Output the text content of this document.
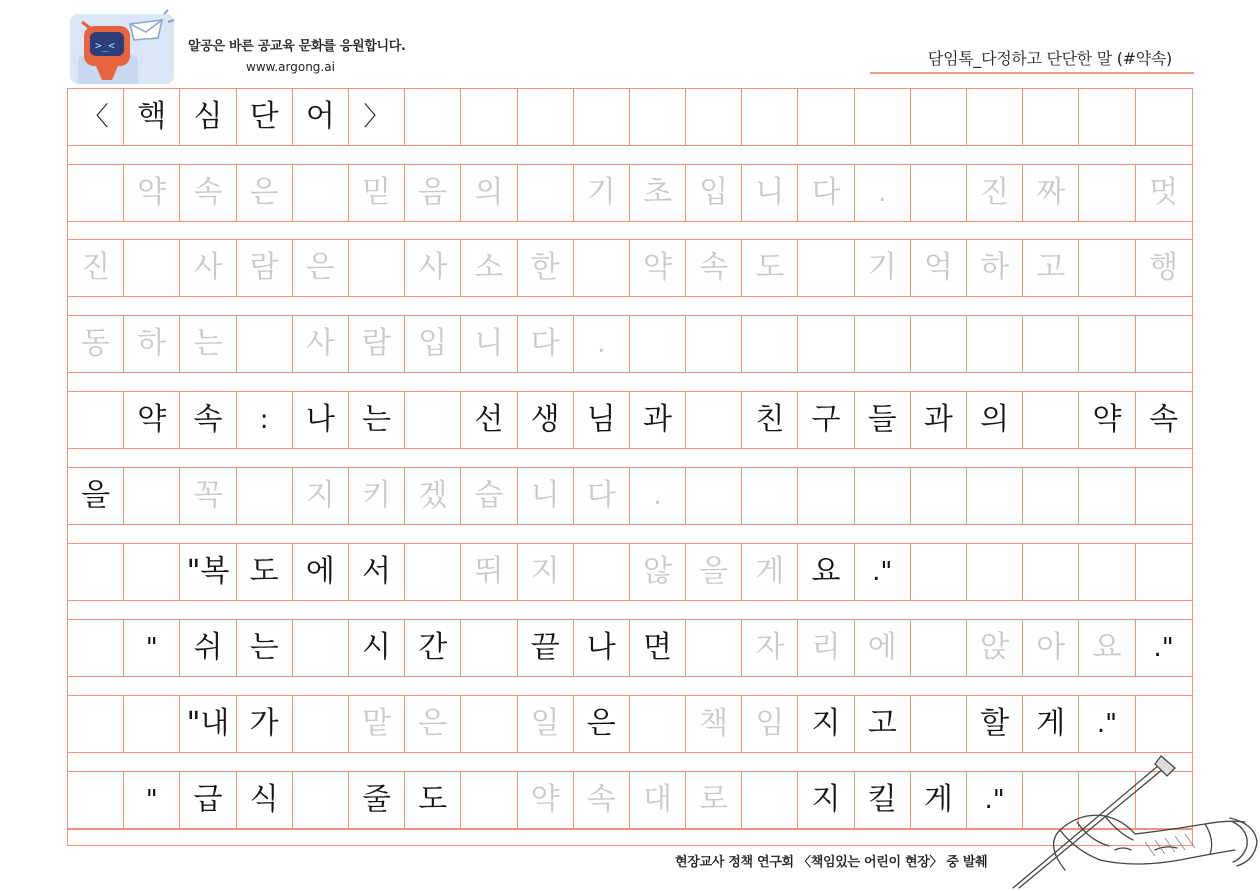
>_<	알공은 바른 공교육 문화를 응원합니다.
www.argong.ai	담임톡_다정하고 단단한 말 (#약속)
〈 핵 심 단 어	〉
약 속 은	믿 음 의	기 초 입 니 다	.	진 짜	멋
진	사 람 은	사 소 한	약 속 도	기 억 하 고	행
동 하 는	사 람 입 니 다	.
약 속	:	나 는	선 생 님 과	친 구 들 과 의	약 속
을	꼭	지 키 겠 습 니 다	.
"복 도 에 서	뛰 지	않 을 게 요	."
"	쉬 는	시 간	끝 나 면	자 리 에	앉 아 요	."
"내 가	맡 은	일 은	책 임 지 고	할 게	."
"	급 식	줄 도	약 속 대 로	지 킬 게	."
현장교사 정책 연구회 〈책임있는 어린이 현장〉 중 발췌
